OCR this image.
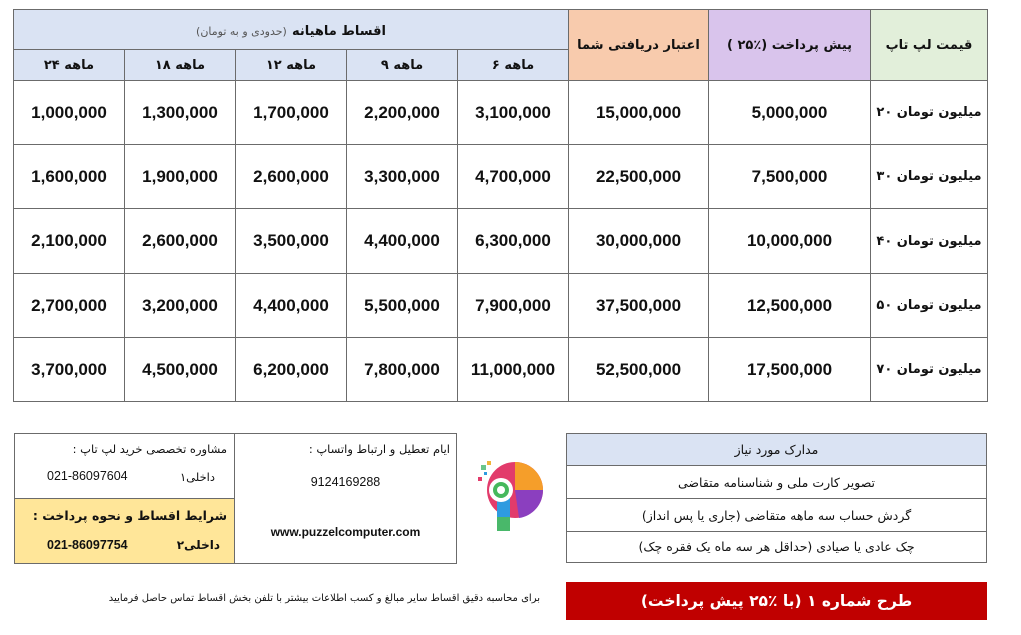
اقساط ماهیانه (حدودی و به تومان)					اعتبار دریافتی شما	پیش پرداخت (٪۲۵ )	قیمت لپ تاپ
۲۴ ماهه	۱۸ ماهه	۱۲ ماهه	۹ ماهه	۶ ماهه			
1,000,000	1,300,000	1,700,000	2,200,000	3,100,000	15,000,000	5,000,000	۲۰ میلیون تومان
1,600,000	1,900,000	2,600,000	3,300,000	4,700,000	22,500,000	7,500,000	۳۰ میلیون تومان
2,100,000	2,600,000	3,500,000	4,400,000	6,300,000	30,000,000	10,000,000	۴۰ میلیون تومان
2,700,000	3,200,000	4,400,000	5,500,000	7,900,000	37,500,000	12,500,000	۵۰ میلیون تومان
3,700,000	4,500,000	6,200,000	7,800,000	11,000,000	52,500,000	17,500,000	۷۰ میلیون تومان
ایام تعطیل و ارتباط واتساپ :
9124169288
مشاوره تخصصی خرید لپ تاپ :
021-86097604	داخلی۱
شرایط اقساط و نحوه پرداخت :
021-86097754	داخلی۲
www.puzzelcomputer.com
مدارک مورد نیاز
تصویر کارت ملی و شناسنامه متقاضی
گردش حساب سه ماهه متقاضی (جاری یا پس انداز)
چک عادی یا صیادی (حداقل هر سه ماه یک فقره چک)
برای محاسبه دقیق اقساط سایر مبالغ و کسب اطلاعات بیشتر با تلفن بخش اقساط تماس حاصل فرمایید	طرح شماره ۱ (با ٪۲۵ پیش پرداخت)
